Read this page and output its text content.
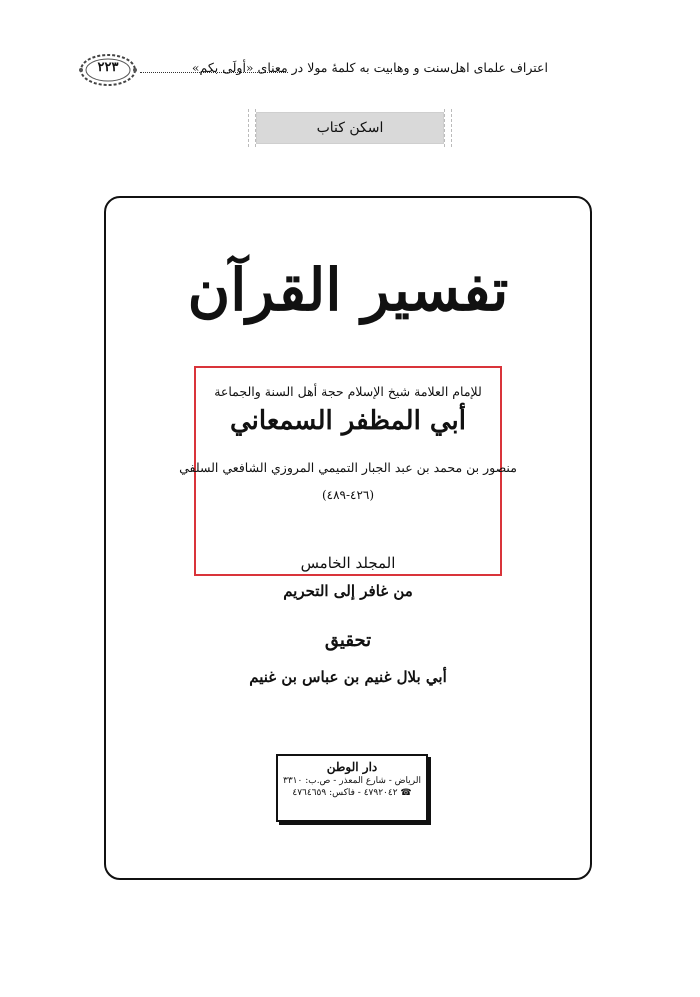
۲۲۳	اعتراف علمای اهل‌سنت و وهابیت به کلمۀ مولا در معنای «أولَی بکم»
اسکن کتاب
تفسير القرآن
للإمام العلامة شيخ الإسلام حجة أهل السنة والجماعة
أبي المظفر السمعاني
منصور بن محمد بن عبد الجبار التميمي المروزي الشافعي السلفي
(٤٢٦-٤٨٩)
المجلد الخامس
من غافر إلى التحريم
تحقيق
أبي بلال غنيم بن عباس بن غنيم
دار الوطن
الرياض - شارع المعذر - ص.ب: ٣٣١٠
☎ ٤٧٩٢٠٤٢ - فاكس: ٤٧٦٤٦٥٩
